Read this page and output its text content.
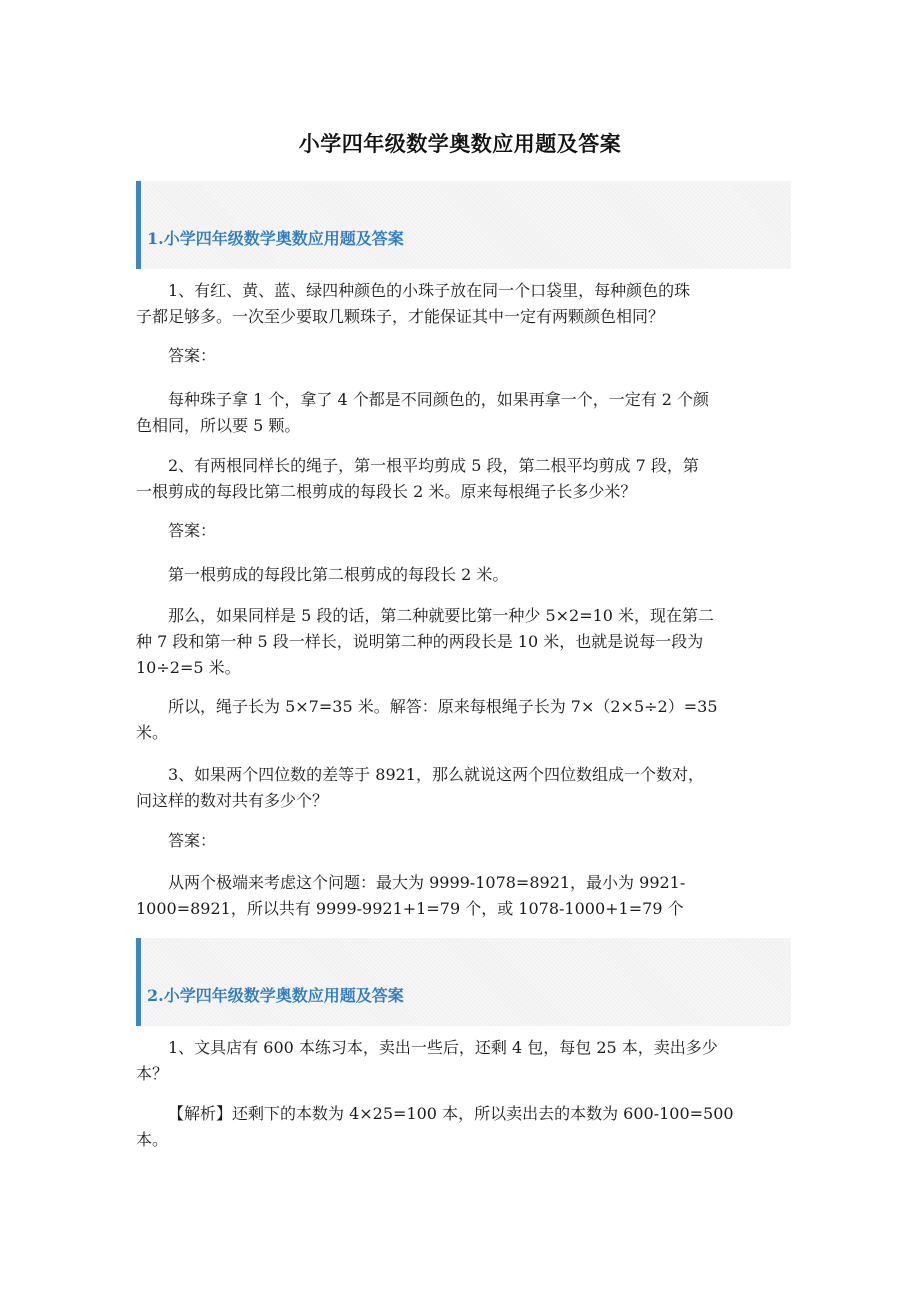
小学四年级数学奥数应用题及答案
1.小学四年级数学奥数应用题及答案
1、有红、黄、蓝、绿四种颜色的小珠子放在同一个口袋里，每种颜色的珠
子都足够多。一次至少要取几颗珠子，才能保证其中一定有两颗颜色相同？
答案：
每种珠子拿 1 个，拿了 4 个都是不同颜色的，如果再拿一个，一定有 2 个颜
色相同，所以要 5 颗。
2、有两根同样长的绳子，第一根平均剪成 5 段，第二根平均剪成 7 段，第
一根剪成的每段比第二根剪成的每段长 2 米。原来每根绳子长多少米？
答案：
第一根剪成的每段比第二根剪成的每段长 2 米。
那么，如果同样是 5 段的话，第二种就要比第一种少 5×2=10 米，现在第二
种 7 段和第一种 5 段一样长，说明第二种的两段长是 10 米，也就是说每一段为
10÷2=5 米。
所以，绳子长为 5×7=35 米。解答：原来每根绳子长为 7×（2×5÷2）=35
米。
3、如果两个四位数的差等于 8921，那么就说这两个四位数组成一个数对，
问这样的数对共有多少个？
答案：
从两个极端来考虑这个问题：最大为 9999-1078=8921，最小为 9921-
1000=8921，所以共有 9999-9921+1=79 个，或 1078-1000+1=79 个
2.小学四年级数学奥数应用题及答案
1、文具店有 600 本练习本，卖出一些后，还剩 4 包，每包 25 本，卖出多少
本？
【解析】还剩下的本数为 4×25=100 本，所以卖出去的本数为 600-100=500
本。
